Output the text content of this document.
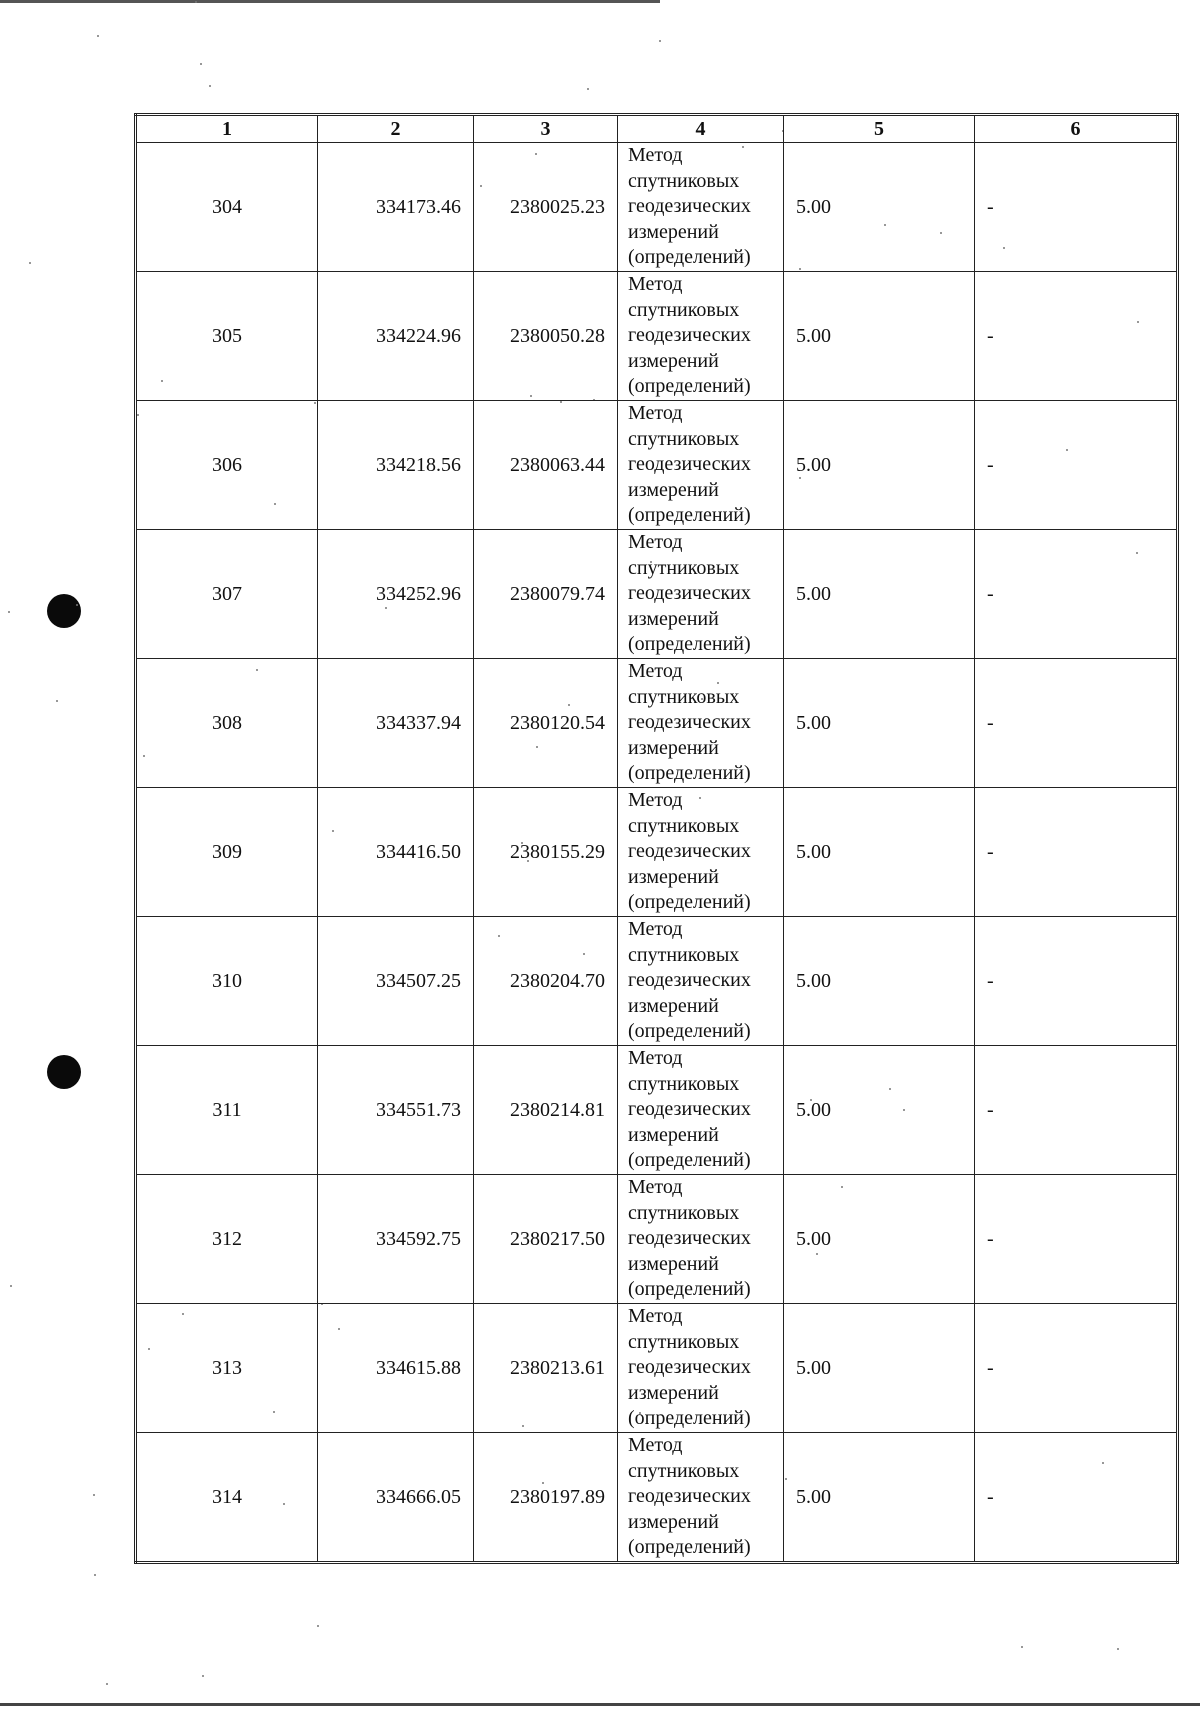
1	2	3	4	5	6
304	334173.46	2380025.23	Метод
спутниковых
геодезических
измерений
(определений)	5.00	-
305	334224.96	2380050.28	Метод
спутниковых
геодезических
измерений
(определений)	5.00	-
306	334218.56	2380063.44	Метод
спутниковых
геодезических
измерений
(определений)	5.00	-
307	334252.96	2380079.74	Метод
спутниковых
геодезических
измерений
(определений)	5.00	-
308	334337.94	2380120.54	Метод
спутниковых
геодезических
измерений
(определений)	5.00	-
309	334416.50	2380155.29	Метод
спутниковых
геодезических
измерений
(определений)	5.00	-
310	334507.25	2380204.70	Метод
спутниковых
геодезических
измерений
(определений)	5.00	-
311	334551.73	2380214.81	Метод
спутниковых
геодезических
измерений
(определений)	5.00	-
312	334592.75	2380217.50	Метод
спутниковых
геодезических
измерений
(определений)	5.00	-
313	334615.88	2380213.61	Метод
спутниковых
геодезических
измерений
(определений)	5.00	-
314	334666.05	2380197.89	Метод
спутниковых
геодезических
измерений
(определений)	5.00	-
